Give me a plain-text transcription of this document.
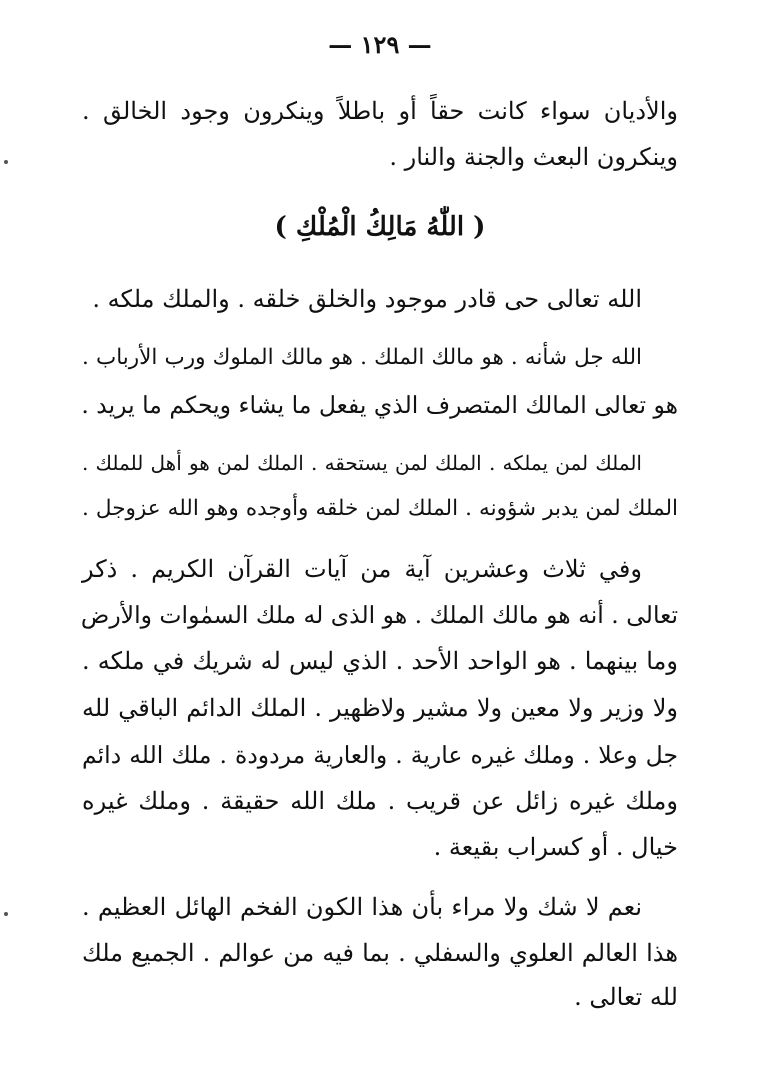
— ١٢٩ —
والأديان سواء كانت حقاً أو باطلاً وينكرون وجود الخالق .
وينكرون البعث والجنة والنار .
( اللّٰهُ مَالِكُ الْمُلْكِ )
الله تعالى حى قادر موجود والخلق خلقه . والملك ملكه .
الله جل شأنه . هو مالك الملك . هو مالك الملوك ورب الأرباب .
هو تعالى المالك المتصرف الذي يفعل ما يشاء ويحكم ما يريد .
الملك لمن يملكه . الملك لمن يستحقه . الملك لمن هو أهل للملك .
الملك لمن يدبر شؤونه . الملك لمن خلقه وأوجده وهو الله عزوجل .
وفي ثلاث وعشرين آية من آيات القرآن الكريم . ذكر
تعالى . أنه هو مالك الملك . هو الذى له ملك السمٰوات والأرض
وما بينهما . هو الواحد الأحد . الذي ليس له شريك في ملكه .
ولا وزير ولا معين ولا مشير ولاظهير . الملك الدائم الباقي لله
جل وعلا . وملك غيره عارية . والعارية مردودة . ملك الله دائم
وملك غيره زائل عن قريب . ملك الله حقيقة . وملك غيره
خيال . أو كسراب بقيعة .
نعم لا شك ولا مراء بأن هذا الكون الفخم الهائل العظيم .
هذا العالم العلوي والسفلي . بما فيه من عوالم . الجميع ملك
لله تعالى .
